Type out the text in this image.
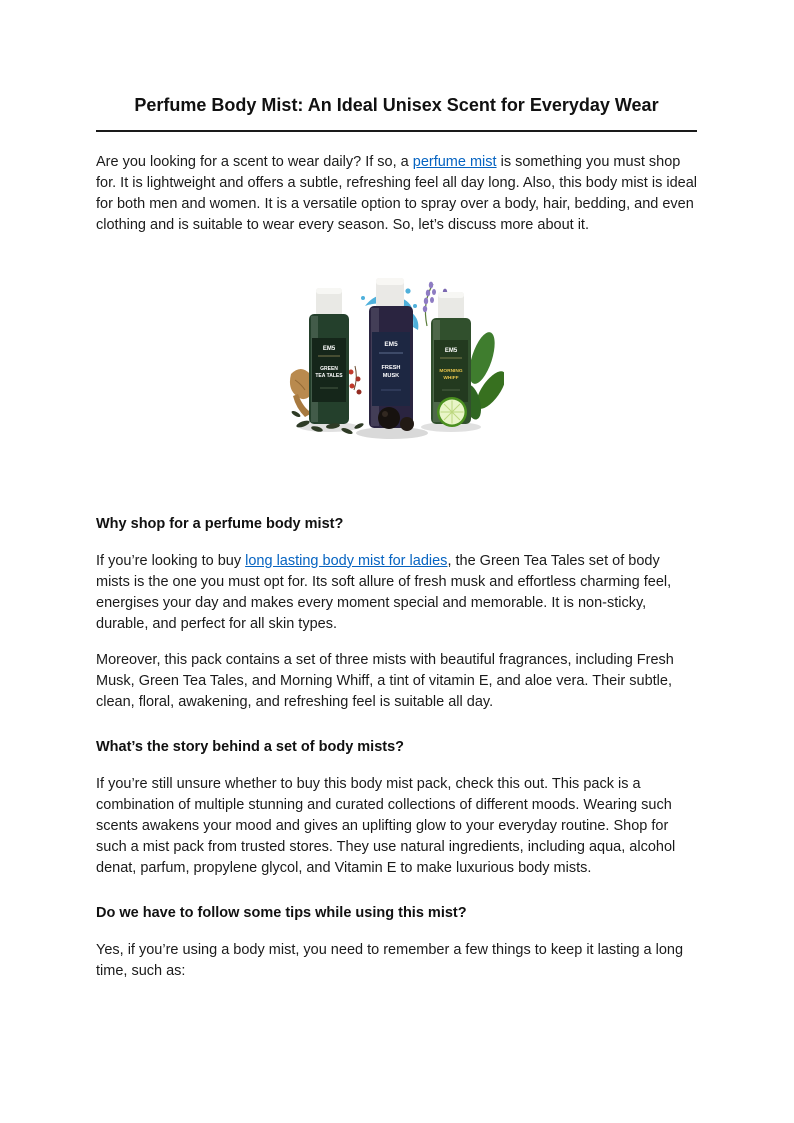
Perfume Body Mist: An Ideal Unisex Scent for Everyday Wear

Are you looking for a scent to wear daily? If so, a perfume mist is something you must shop for. It is lightweight and offers a subtle, refreshing feel all day long. Also, this body mist is ideal for both men and women. It is a versatile option to spray over a body, hair, bedding, and even clothing and is suitable to wear every season. So, let’s discuss more about it.

EM5
GREEN
TEA TALES
EM5
FRESH
MUSK
EM5
MORNING
WHIFF
Why shop for a perfume body mist?

If you’re looking to buy long lasting body mist for ladies, the Green Tea Tales set of body mists is the one you must opt for. Its soft allure of fresh musk and effortless charming feel, energises your day and makes every moment special and memorable. It is non-sticky, durable, and perfect for all skin types.

Moreover, this pack contains a set of three mists with beautiful fragrances, including Fresh Musk, Green Tea Tales, and Morning Whiff, a tint of vitamin E, and aloe vera. Their subtle, clean, floral, awakening, and refreshing feel is suitable all day.

What’s the story behind a set of body mists?

If you’re still unsure whether to buy this body mist pack, check this out. This pack is a combination of multiple stunning and curated collections of different moods. Wearing such scents awakens your mood and gives an uplifting glow to your everyday routine. Shop for such a mist pack from trusted stores. They use natural ingredients, including aqua, alcohol denat, parfum, propylene glycol, and Vitamin E to make luxurious body mists.

Do we have to follow some tips while using this mist?

Yes, if you’re using a body mist, you need to remember a few things to keep it lasting a long time, such as:
